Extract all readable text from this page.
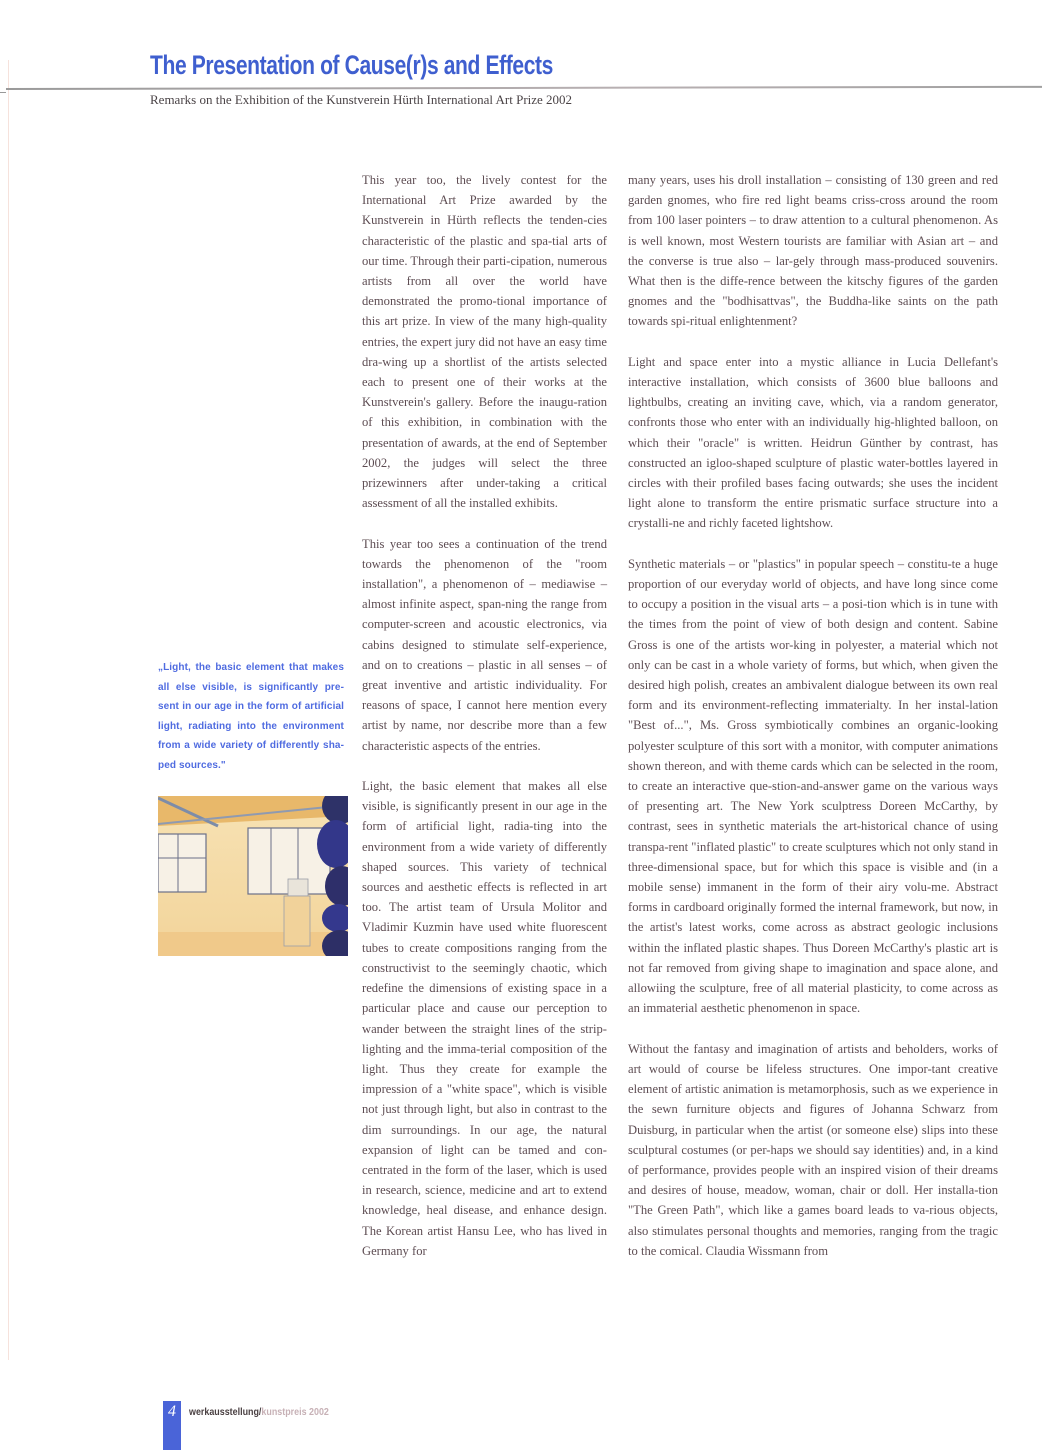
The Presentation of Cause(r)s and Effects

Remarks on the Exhibition of the Kunstverein Hürth International Art Prize 2002

„Light, the basic element that makes all else visible, is significantly pre-sent in our age in the form of artificial light, radiating into the environment from a wide variety of differently sha-ped sources."

This year too, the lively contest for the International Art Prize awarded by the Kunstverein in Hürth reflects the tenden-cies characteristic of the plastic and spa-tial arts of our time. Through their parti-cipation, numerous artists from all over the world have demonstrated the promo-tional importance of this art prize. In view of the many high-quality entries, the expert jury did not have an easy time dra-wing up a shortlist of the artists selected each to present one of their works at the Kunstverein's gallery. Before the inaugu-ration of this exhibition, in combination with the presentation of awards, at the end of September 2002, the judges will select the three prizewinners after under-taking a critical assessment of all the installed exhibits.

This year too sees a continuation of the trend towards the phenomenon of the "room installation", a phenomenon of – mediawise – almost infinite aspect, span-ning the range from computer-screen and acoustic electronics, via cabins designed to stimulate self-experience, and on to creations – plastic in all senses – of great inventive and artistic individuality. For reasons of space, I cannot here mention every artist by name, nor describe more than a few characteristic aspects of the entries.

Light, the basic element that makes all else visible, is significantly present in our age in the form of artificial light, radia-ting into the environment from a wide variety of differently shaped sources. This variety of technical sources and aesthetic effects is reflected in art too. The artist team of Ursula Molitor and Vladimir Kuzmin have used white fluorescent tubes to create compositions ranging from the constructivist to the seemingly chaotic, which redefine the dimensions of existing space in a particular place and cause our perception to wander between the straight lines of the strip-lighting and the imma-terial composition of the light. Thus they create for example the impression of a "white space", which is visible not just through light, but also in contrast to the dim surroundings. In our age, the natural expansion of light can be tamed and con-centrated in the form of the laser, which is used in research, science, medicine and art to extend knowledge, heal disease, and enhance design. The Korean artist Hansu Lee, who has lived in Germany for

many years, uses his droll installation – consisting of 130 green and red garden gnomes, who fire red light beams criss-cross around the room from 100 laser pointers – to draw attention to a cultural phenomenon. As is well known, most Western tourists are familiar with Asian art – and the converse is true also – lar-gely through mass-produced souvenirs. What then is the diffe-rence between the kitschy figures of the garden gnomes and the "bodhisattvas", the Buddha-like saints on the path towards spi-ritual enlightenment?

Light and space enter into a mystic alliance in Lucia Dellefant's interactive installation, which consists of 3600 blue balloons and lightbulbs, creating an inviting cave, which, via a random generator, confronts those who enter with an individually hig-hlighted balloon, on which their "oracle" is written. Heidrun Günther by contrast, has constructed an igloo-shaped sculpture of plastic water-bottles layered in circles with their profiled bases facing outwards; she uses the incident light alone to transform the entire prismatic surface structure into a crystalli-ne and richly faceted lightshow.

Synthetic materials – or "plastics" in popular speech – constitu-te a huge proportion of our everyday world of objects, and have long since come to occupy a position in the visual arts – a posi-tion which is in tune with the times from the point of view of both design and content. Sabine Gross is one of the artists wor-king in polyester, a material which not only can be cast in a whole variety of forms, but which, when given the desired high polish, creates an ambivalent dialogue between its own real form and its environment-reflecting immaterialty. In her instal-lation "Best of...", Ms. Gross symbiotically combines an organic-looking polyester sculpture of this sort with a monitor, with computer animations shown thereon, and with theme cards which can be selected in the room, to create an interactive que-stion-and-answer game on the various ways of presenting art. The New York sculptress Doreen McCarthy, by contrast, sees in synthetic materials the art-historical chance of using transpa-rent "inflated plastic" to create sculptures which not only stand in three-dimensional space, but for which this space is visible and (in a mobile sense) immanent in the form of their airy volu-me. Abstract forms in cardboard originally formed the internal framework, but now, in the artist's latest works, come across as abstract geologic inclusions within the inflated plastic shapes. Thus Doreen McCarthy's plastic art is not far removed from giving shape to imagination and space alone, and allowiing the sculpture, free of all material plasticity, to come across as an immaterial aesthetic phenomenon in space.

Without the fantasy and imagination of artists and beholders, works of art would of course be lifeless structures. One impor-tant creative element of artistic animation is metamorphosis, such as we experience in the sewn furniture objects and figures of Johanna Schwarz from Duisburg, in particular when the artist (or someone else) slips into these sculptural costumes (or per-haps we should say identities) and, in a kind of performance, provides people with an inspired vision of their dreams and desires of house, meadow, woman, chair or doll. Her installa-tion "The Green Path", which like a games board leads to va-rious objects, also stimulates personal thoughts and memories, ranging from the tragic to the comical. Claudia Wissmann from

4	werkausstellung/kunstpreis 2002
